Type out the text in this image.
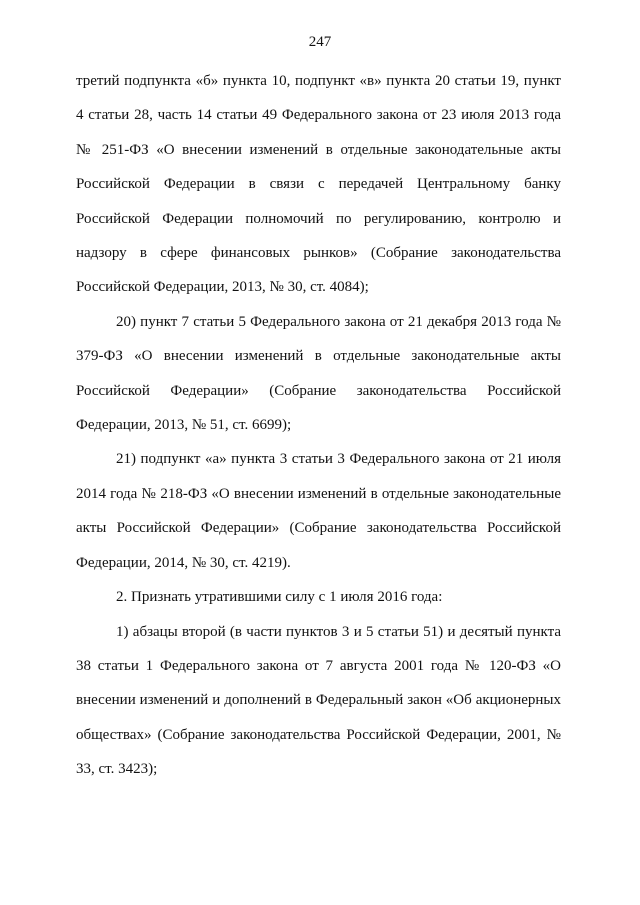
247

третий подпункта «б» пункта 10, подпункт «в» пункта 20 статьи 19, пункт 4 статьи 28, часть 14 статьи 49 Федерального закона от 23 июля 2013 года № 251-ФЗ «О внесении изменений в отдельные законодательные акты Российской Федерации в связи с передачей Центральному банку Российской Федерации полномочий по регулированию, контролю и надзору в сфере финансовых рынков» (Собрание законодательства Российской Федерации, 2013, № 30, ст. 4084);

20) пункт 7 статьи 5 Федерального закона от 21 декабря 2013 года № 379-ФЗ «О внесении изменений в отдельные законодательные акты Российской Федерации» (Собрание законодательства Российской Федерации, 2013, № 51, ст. 6699);

21) подпункт «а» пункта 3 статьи 3 Федерального закона от 21 июля 2014 года № 218-ФЗ «О внесении изменений в отдельные законодательные акты Российской Федерации» (Собрание законодательства Российской Федерации, 2014, № 30, ст. 4219).

2. Признать утратившими силу с 1 июля 2016 года:

1) абзацы второй (в части пунктов 3 и 5 статьи 51) и десятый пункта 38 статьи 1 Федерального закона от 7 августа 2001 года № 120-ФЗ «О внесении изменений и дополнений в Федеральный закон «Об акционерных обществах» (Собрание законодательства Российской Федерации, 2001, № 33, ст. 3423);
